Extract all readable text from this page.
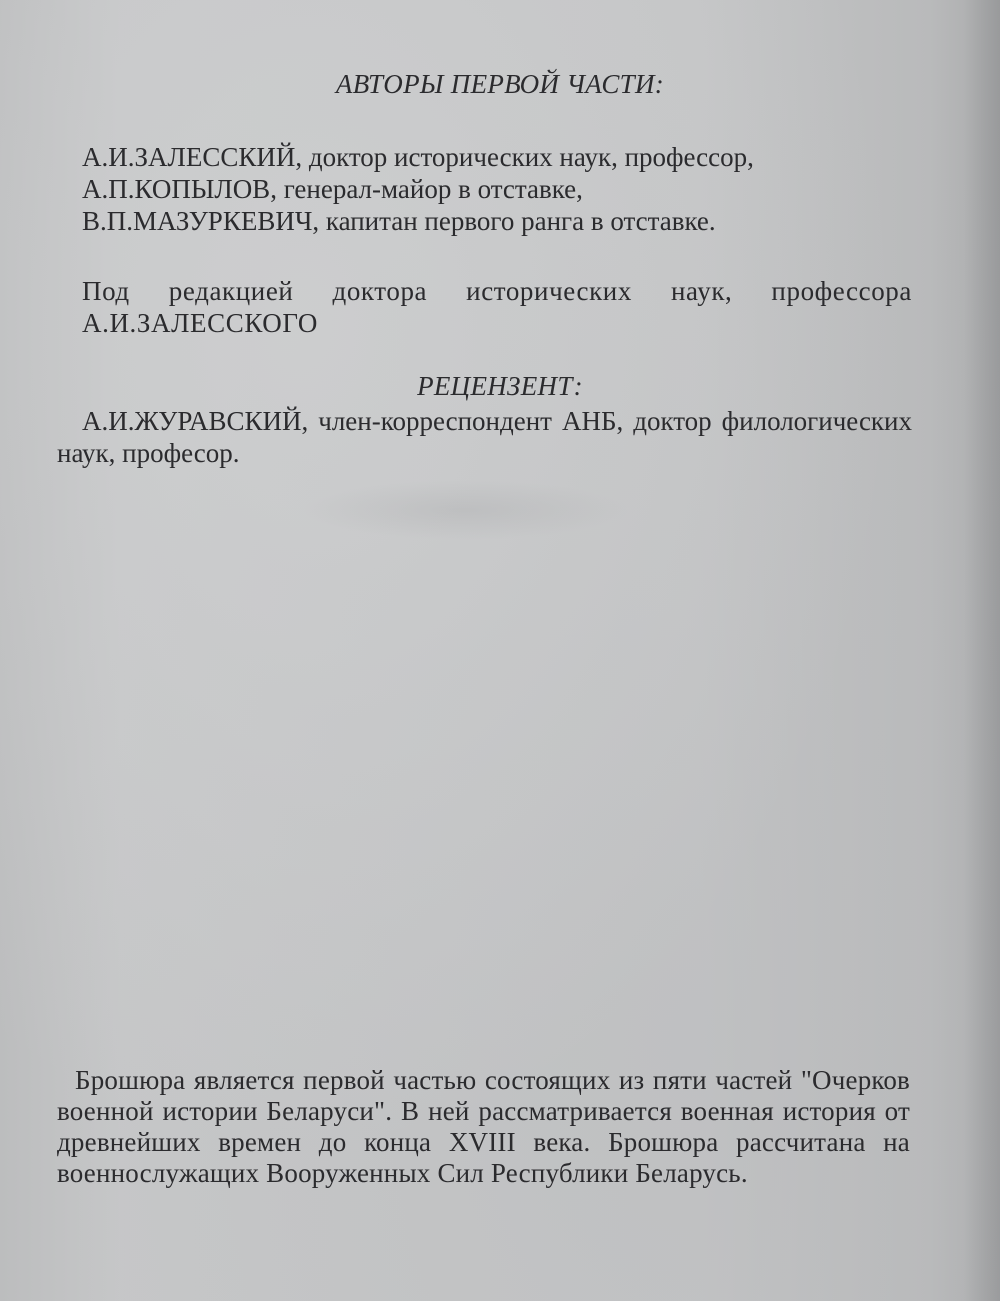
АВТОРЫ ПЕРВОЙ ЧАСТИ:
А.И.ЗАЛЕССКИЙ, доктор исторических наук, профессор,
А.П.КОПЫЛОВ, генерал-майор в отставке,
В.П.МАЗУРКЕВИЧ, капитан первого ранга в отставке.
Под редакцией доктора исторических наук, профессора А.И.ЗАЛЕССКОГО
РЕЦЕНЗЕНТ:
А.И.ЖУРАВСКИЙ, член-корреспондент АНБ, доктор филологических наук, професор.
Брошюра является первой частью состоящих из пяти частей "Очерков военной истории Беларуси". В ней рассматривается военная история от древнейших времен до конца XVIII века. Брошюра рассчитана на военнослужащих Вооруженных Сил Республики Беларусь.
